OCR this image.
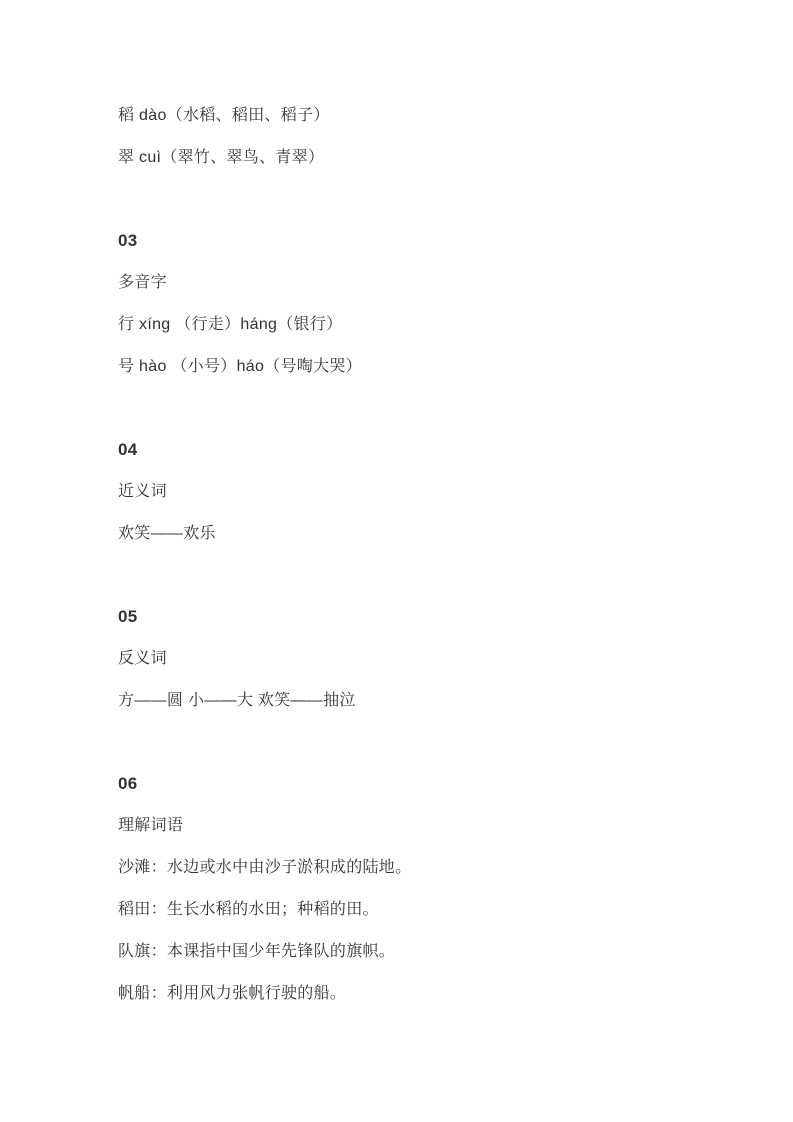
稻 dào（水稻、稻田、稻子）

翠 cuì（翠竹、翠鸟、青翠）

03

多音字

行 xíng （行走）háng（银行）

号 hào （小号）háo（号啕大哭）

04

近义词

欢笑——欢乐

05

反义词

方——圆 小——大 欢笑——抽泣

06

理解词语

沙滩：水边或水中由沙子淤积成的陆地。

稻田：生长水稻的水田；种稻的田。

队旗：本课指中国少年先锋队的旗帜。

帆船：利用风力张帆行驶的船。
